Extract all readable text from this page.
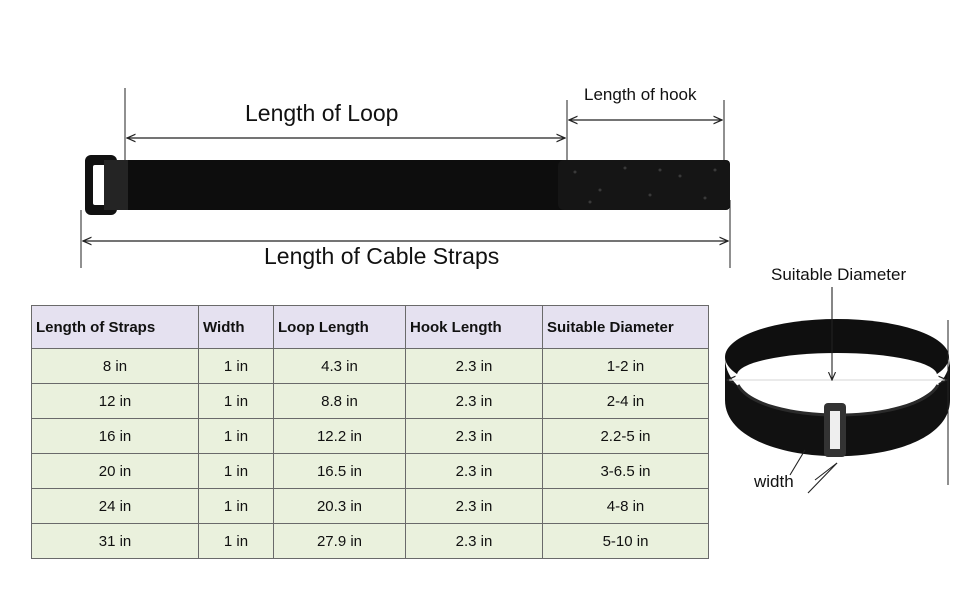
Length of Loop
Length of hook
Length of Cable Straps
Suitable Diameter
width
Length of Straps	Width	Loop Length	Hook Length	Suitable Diameter
8 in	1 in	4.3 in	2.3 in	1-2 in
12 in	1 in	8.8 in	2.3 in	2-4 in
16 in	1 in	12.2 in	2.3 in	2.2-5 in
20 in	1 in	16.5 in	2.3 in	3-6.5 in
24 in	1 in	20.3 in	2.3 in	4-8 in
31 in	1 in	27.9 in	2.3 in	5-10 in
